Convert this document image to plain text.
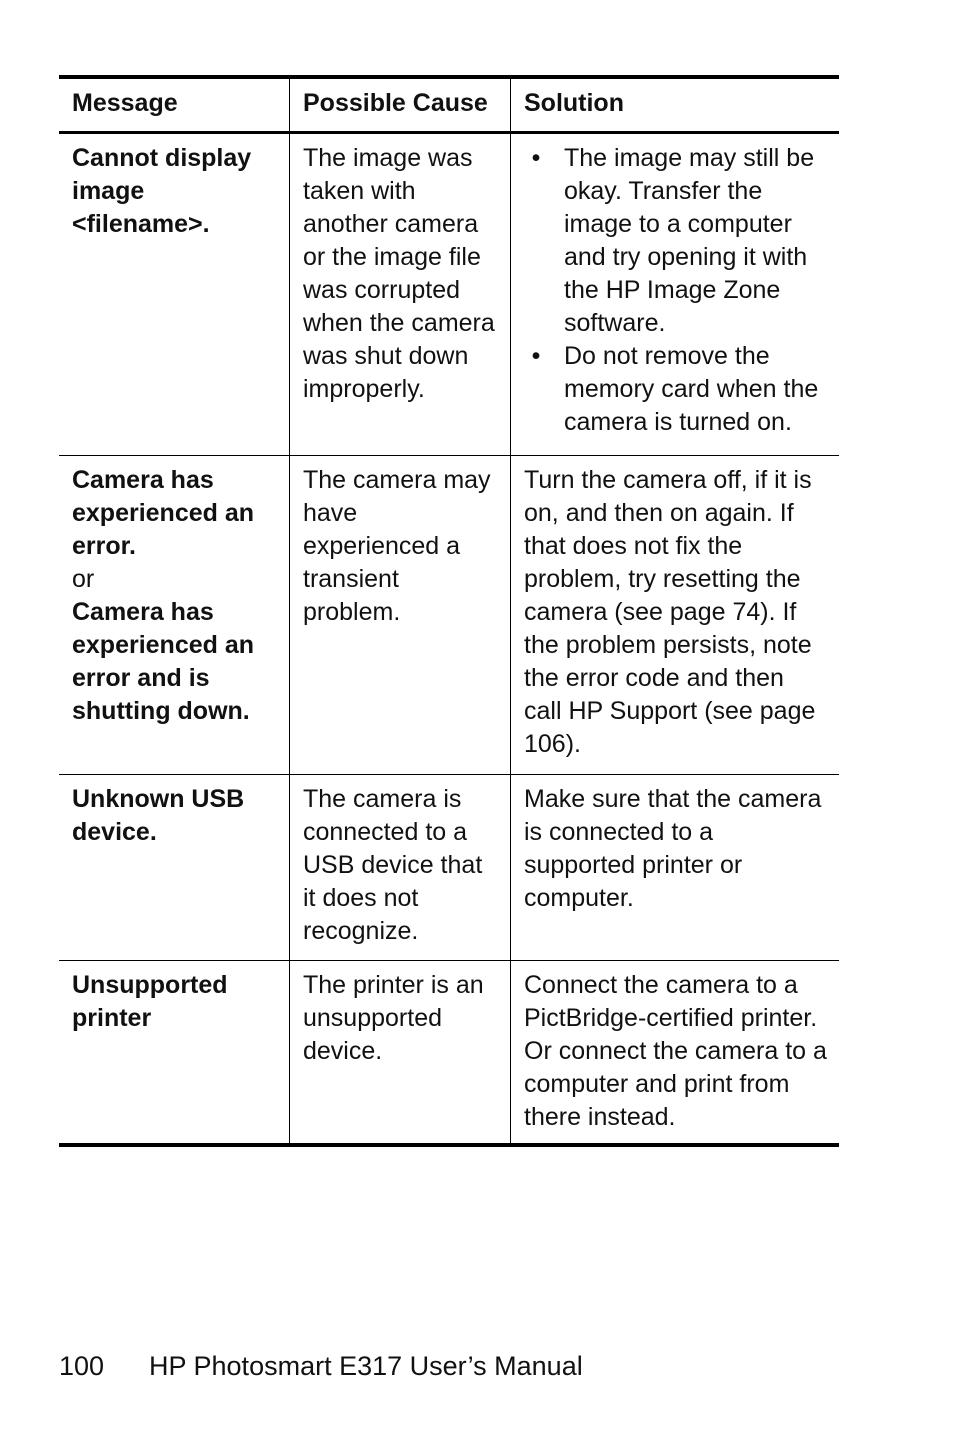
Message	Possible Cause	Solution
Cannot display image <filename>.
The image was taken with another camera or the image file was corrupted when the camera was shut down improperly.
• The image may still be okay. Transfer the image to a computer and try opening it with the HP Image Zone software.
• Do not remove the memory card when the camera is turned on.
Camera has experienced an error.
or
Camera has experienced an error and is shutting down.
The camera may have experienced a transient problem.
Turn the camera off, if it is on, and then on again. If that does not fix the problem, try resetting the camera (see page 74). If the problem persists, note the error code and then call HP Support (see page 106).
Unknown USB device.
The camera is connected to a USB device that it does not recognize.
Make sure that the camera is connected to a supported printer or computer.
Unsupported printer
The printer is an unsupported device.
Connect the camera to a PictBridge-certified printer. Or connect the camera to a computer and print from there instead.
100 HP Photosmart E317 User’s Manual
